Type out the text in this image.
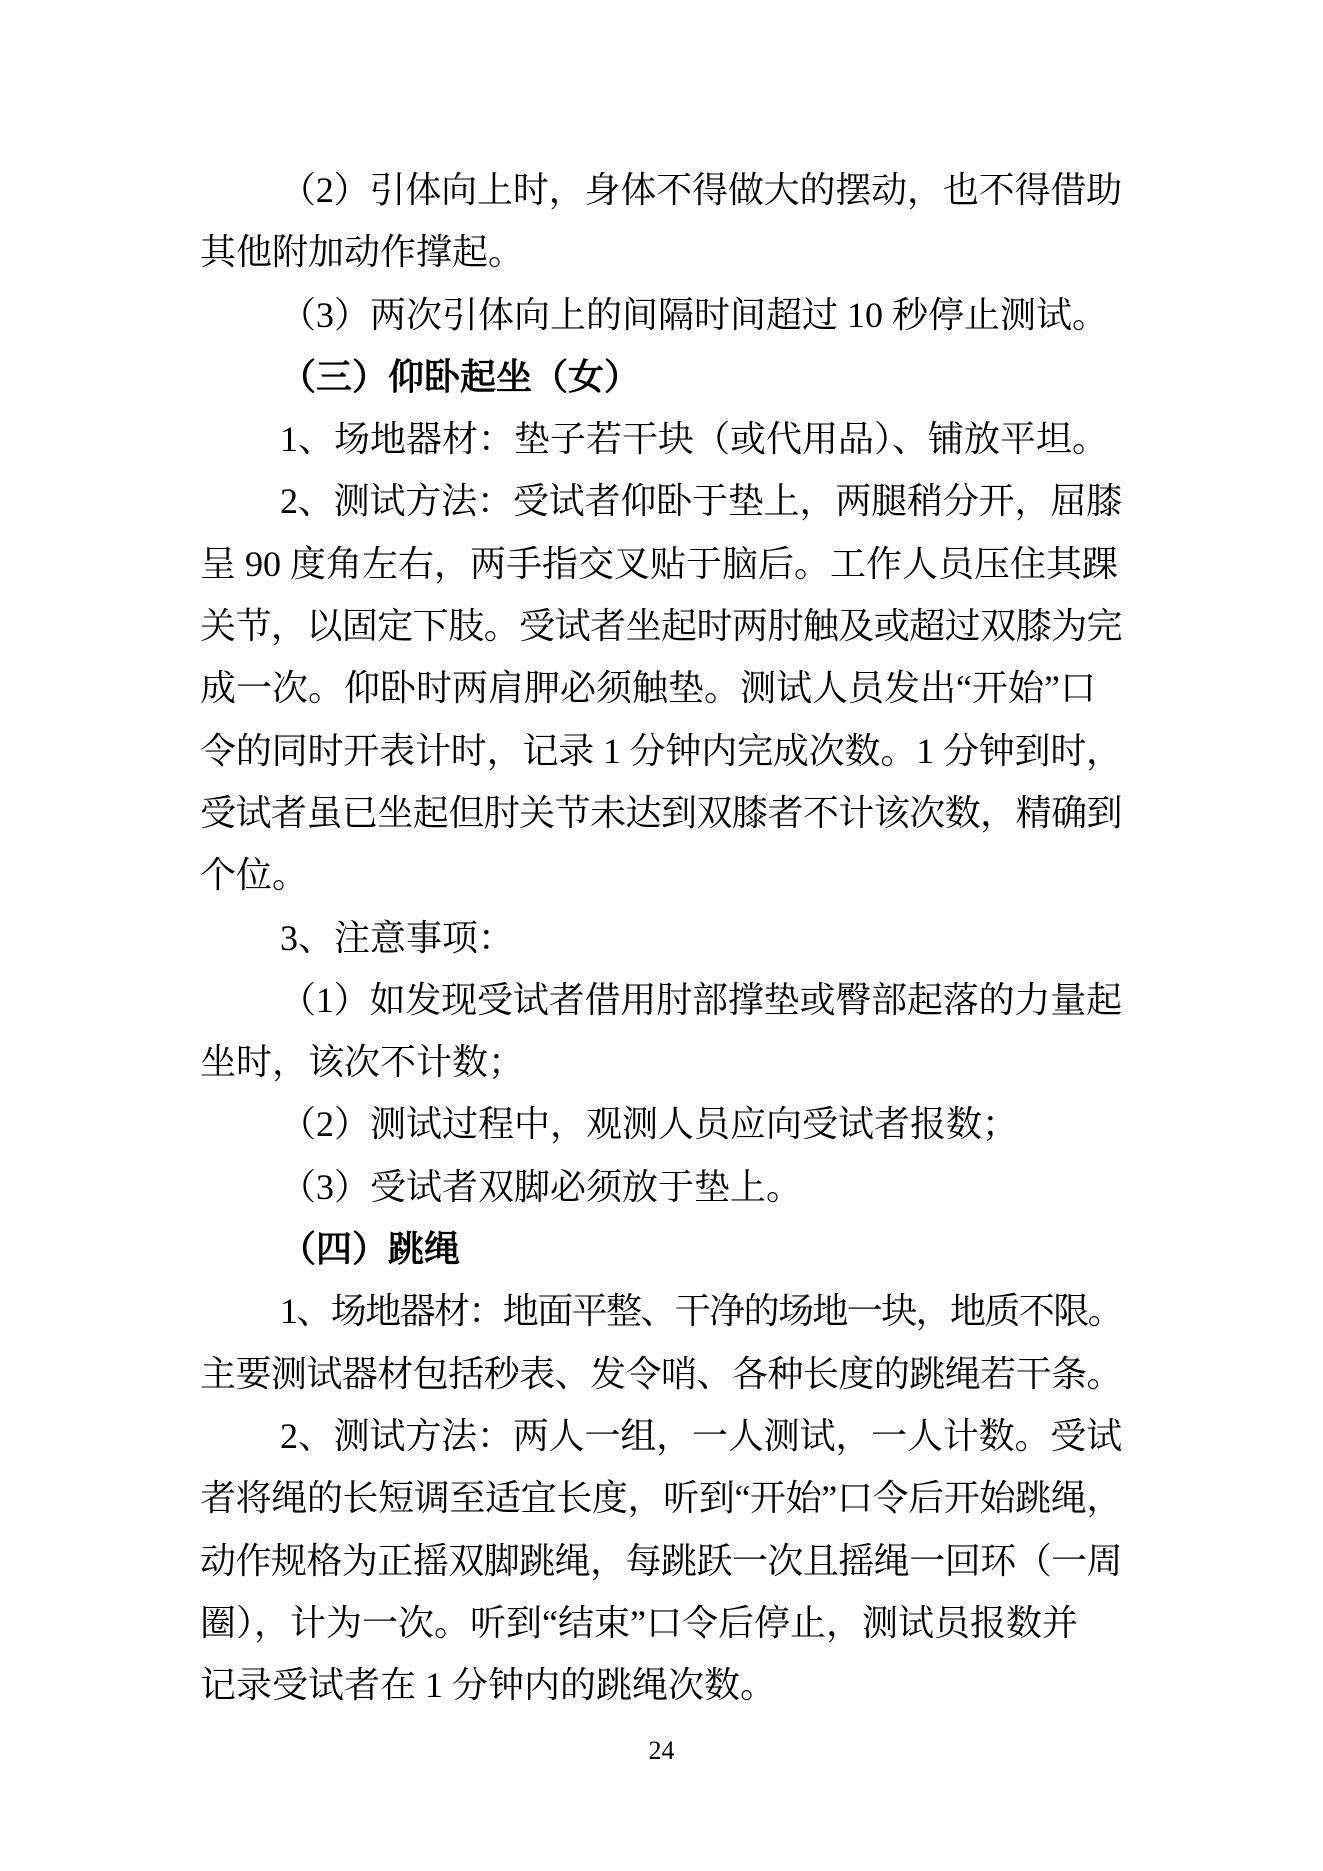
（2）引体向上时，身体不得做大的摆动，也不得借助
其他附加动作撑起。
（3）两次引体向上的间隔时间超过 10 秒停止测试。
（三）仰卧起坐（女）
1、场地器材：垫子若干块（或代用品）、铺放平坦。
2、测试方法：受试者仰卧于垫上，两腿稍分开，屈膝
呈 90 度角左右，两手指交叉贴于脑后。工作人员压住其踝
关节，以固定下肢。受试者坐起时两肘触及或超过双膝为完
成一次。仰卧时两肩胛必须触垫。测试人员发出“开始”口
令的同时开表计时，记录 1 分钟内完成次数。1 分钟到时，
受试者虽已坐起但肘关节未达到双膝者不计该次数，精确到
个位。
3、注意事项：
（1）如发现受试者借用肘部撑垫或臀部起落的力量起
坐时，该次不计数；
（2）测试过程中，观测人员应向受试者报数；
（3）受试者双脚必须放于垫上。
（四）跳绳
1、场地器材：地面平整、干净的场地一块，地质不限。
主要测试器材包括秒表、发令哨、各种长度的跳绳若干条。
2、测试方法：两人一组，一人测试，一人计数。受试
者将绳的长短调至适宜长度，听到“开始”口令后开始跳绳，
动作规格为正摇双脚跳绳，每跳跃一次且摇绳一回环（一周
圈），计为一次。听到“结束”口令后停止，测试员报数并
记录受试者在 1 分钟内的跳绳次数。
24
